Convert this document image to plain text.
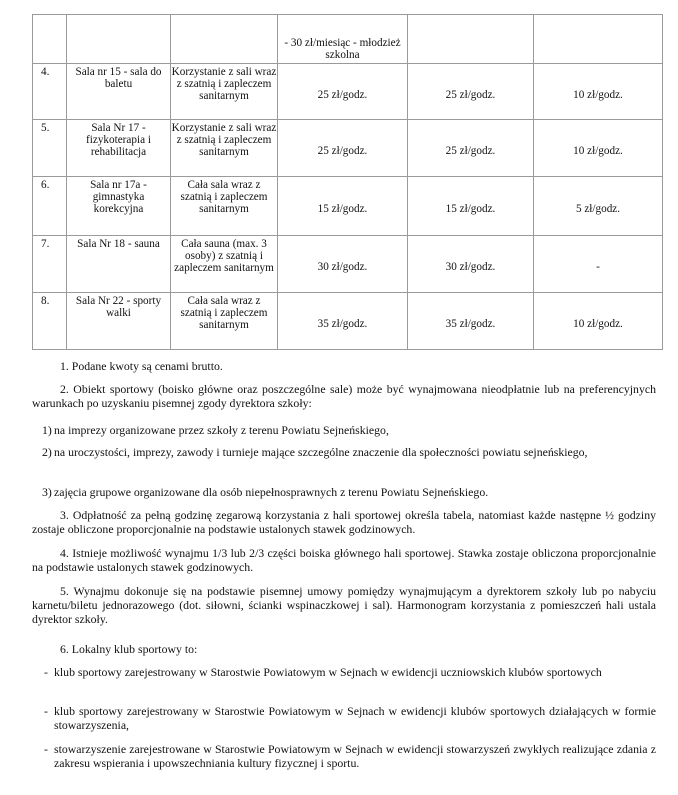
			- 30 zł/miesiąc - młodzież szkolna		
4.	Sala nr 15 - sala do baletu	Korzystanie z sali wraz z szatnią i zapleczem sanitarnym	25 zł/godz.	25 zł/godz.	10 zł/godz.
5.	Sala Nr 17 - fizykoterapia i rehabilitacja	Korzystanie z sali wraz z szatnią i zapleczem sanitarnym	25 zł/godz.	25 zł/godz.	10 zł/godz.
6.	Sala nr 17a - gimnastyka korekcyjna	Cała sala wraz z szatnią i zapleczem sanitarnym	15 zł/godz.	15 zł/godz.	5 zł/godz.
7.	Sala Nr 18 - sauna	Cała sauna (max. 3 osoby) z szatnią i zapleczem sanitarnym	30 zł/godz.	30 zł/godz.	-
8.	Sala Nr 22 - sporty walki	Cała sala wraz z szatnią i zapleczem sanitarnym	35 zł/godz.	35 zł/godz.	10 zł/godz.

1. Podane kwoty są cenami brutto.

2. Obiekt sportowy (boisko główne oraz poszczególne sale) może być wynajmowana nieodpłatnie lub na preferencyjnych warunkach po uzyskaniu pisemnej zgody dyrektora szkoły:

1) na imprezy organizowane przez szkoły z terenu Powiatu Sejneńskiego,
2) na uroczystości, imprezy, zawody i turnieje mające szczególne znaczenie dla społeczności powiatu sejneńskiego,
3) zajęcia grupowe organizowane dla osób niepełnosprawnych z terenu Powiatu Sejneńskiego.

3. Odpłatność za pełną godzinę zegarową korzystania z hali sportowej określa tabela, natomiast każde następne ½ godziny zostaje obliczone proporcjonalnie na podstawie ustalonych stawek godzinowych.

4. Istnieje możliwość wynajmu 1/3 lub 2/3 części boiska głównego hali sportowej. Stawka zostaje obliczona proporcjonalnie na podstawie ustalonych stawek godzinowych.

5. Wynajmu dokonuje się na podstawie pisemnej umowy pomiędzy wynajmującym a dyrektorem szkoły lub po nabyciu karnetu/biletu jednorazowego (dot. siłowni, ścianki wspinaczkowej i sal). Harmonogram korzystania z pomieszczeń hali ustala dyrektor szkoły.

6. Lokalny klub sportowy to:

- klub sportowy zarejestrowany w Starostwie Powiatowym w Sejnach w ewidencji uczniowskich klubów sportowych
- klub sportowy zarejestrowany w Starostwie Powiatowym w Sejnach w ewidencji klubów sportowych działających w formie stowarzyszenia,
- stowarzyszenie zarejestrowane w Starostwie Powiatowym w Sejnach w ewidencji stowarzyszeń zwykłych realizujące zdania z zakresu wspierania i upowszechniania kultury fizycznej i sportu.
